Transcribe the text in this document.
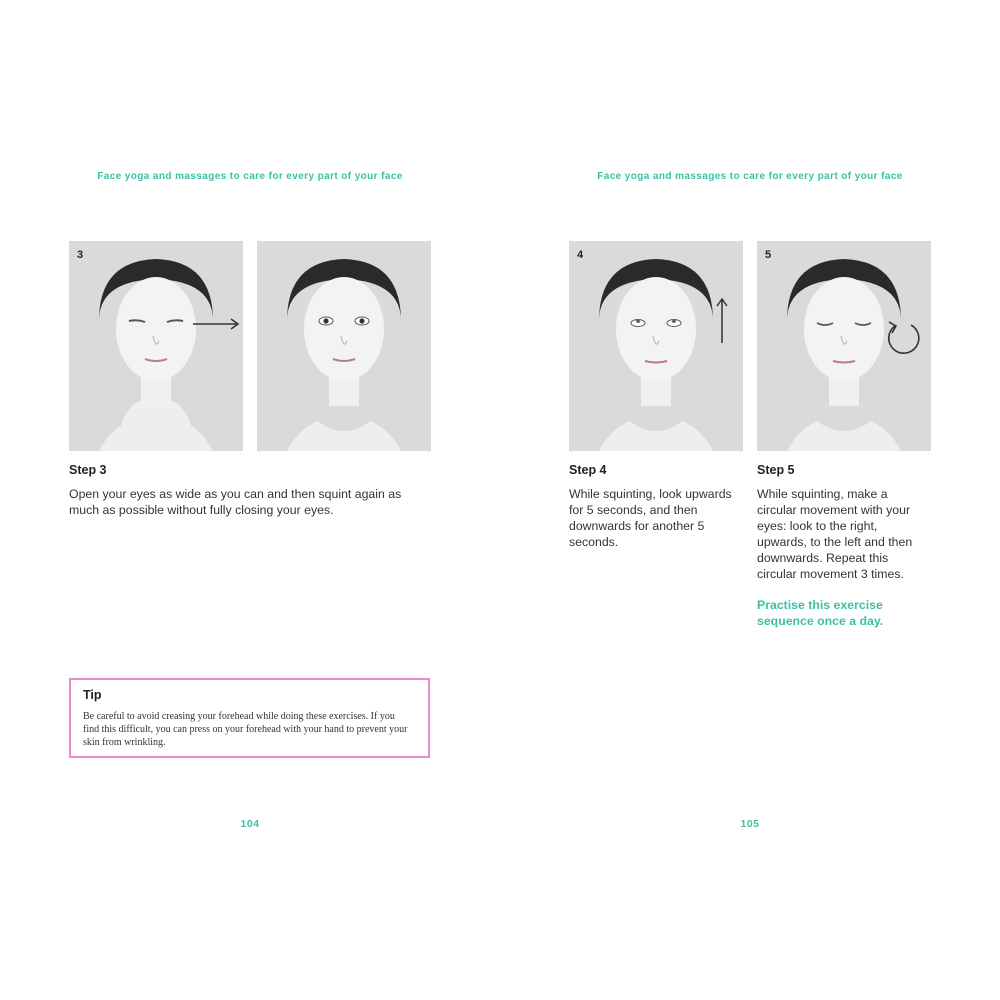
Face yoga and massages to care for every part of your face
3
Step 3
Open your eyes as wide as you can and then squint again as much as possible without fully closing your eyes.
Tip
Be careful to avoid creasing your forehead while doing these exercises. If you find this difficult, you can press on your forehead with your hand to prevent your skin from wrinkling.
104
Face yoga and massages to care for every part of your face
4	5
Step 4
While squinting, look upwards for 5 seconds, and then downwards for another 5 seconds.
Step 5
While squinting, make a circular movement with your eyes: look to the right, upwards, to the left and then downwards. Repeat this circular movement 3 times.
Practise this exercise sequence once a day.
105
